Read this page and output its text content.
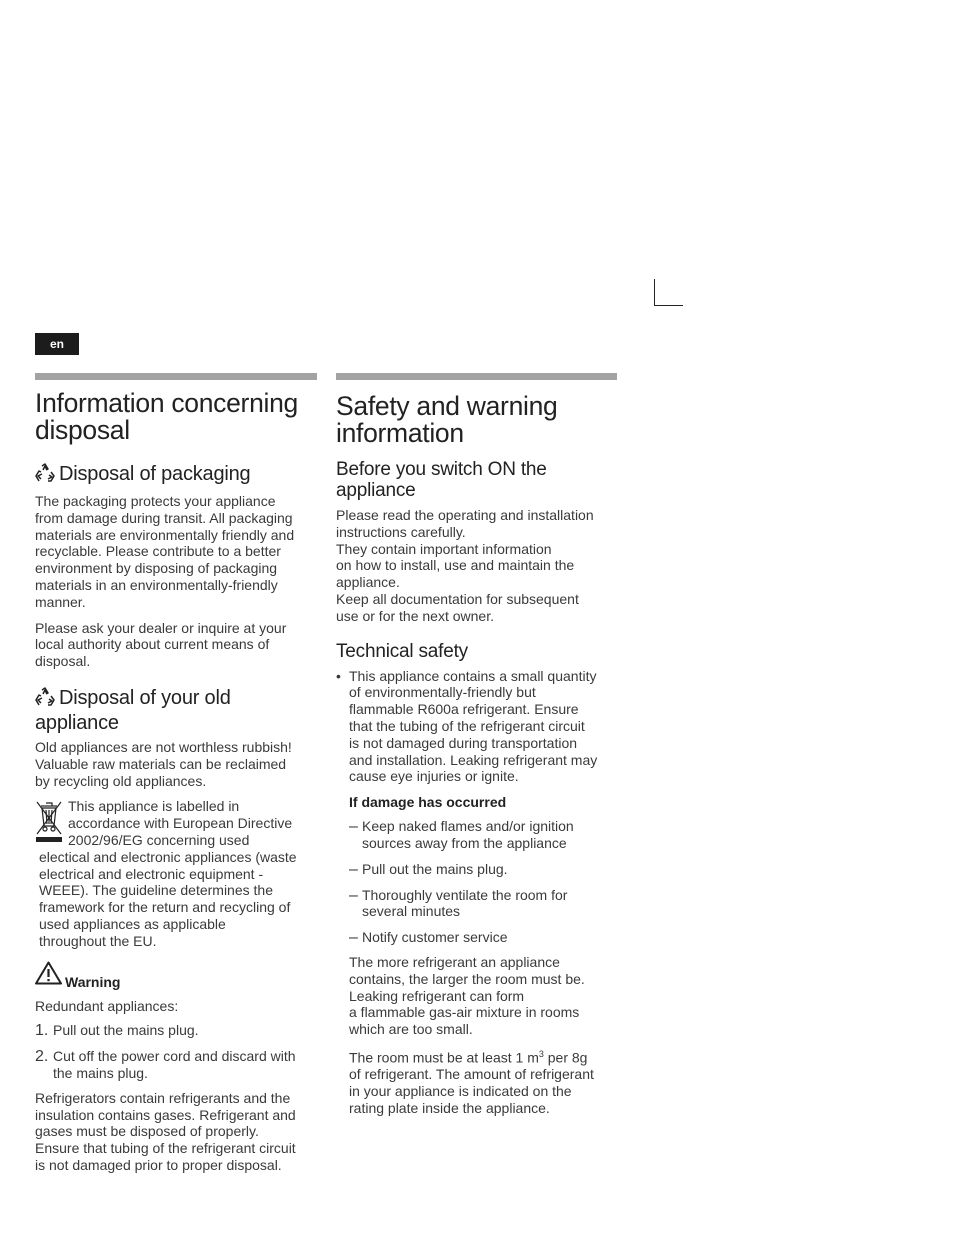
en
Information concerning
disposal
Disposal of packaging

The packaging protects your appliance

from damage during transit. All packaging

materials are environmentally friendly and

recyclable. Please contribute to a better

environment by disposing of packaging

materials in an environmentally-friendly

manner.

Please ask your dealer or inquire at your

local authority about current means of

disposal.

Disposal of your old
appliance

Old appliances are not worthless rubbish!

Valuable raw materials can be reclaimed

by recycling old appliances.

This appliance is labelled in

accordance with European Directive

2002/96/EG concerning used

electical and electronic appliances (waste

electrical and electronic equipment -

WEEE). The guideline determines the

framework for the return and recycling of

used appliances as applicable

throughout the EU.

Warning

Redundant appliances:

1. Pull out the mains plug.

2. Cut off the power cord and discard with

the mains plug.

Refrigerators contain refrigerants and the

insulation contains gases. Refrigerant and

gases must be disposed of properly.

Ensure that tubing of the refrigerant circuit

is not damaged prior to proper disposal.

Safety and warning
information
Before you switch ON the
appliance

Please read the operating and installation

instructions carefully.

They contain important information

on how to install, use and maintain the

appliance.

Keep all documentation for subsequent

use or for the next owner.

Technical safety

• This appliance contains a small quantity

of environmentally-friendly but

flammable R600a refrigerant. Ensure

that the tubing of the refrigerant circuit

is not damaged during transportation

and installation. Leaking refrigerant may

cause eye injuries or ignite.

If damage has occurred
– Keep naked flames and/or ignition

sources away from the appliance

– Pull out the mains plug.

– Thoroughly ventilate the room for

several minutes

– Notify customer service

The more refrigerant an appliance

contains, the larger the room must be.

Leaking refrigerant can form

a flammable gas-air mixture in rooms

which are too small.

The room must be at least 1 $m^3$ per 8g

of refrigerant. The amount of refrigerant

in your appliance is indicated on the

rating plate inside the appliance.
